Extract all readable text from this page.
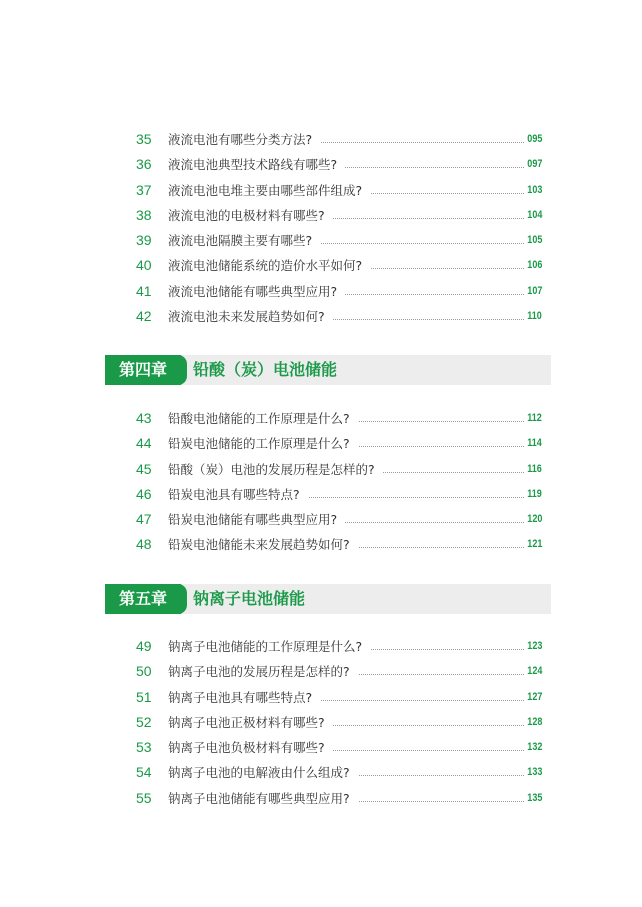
35 液流电池有哪些分类方法?	095
36 液流电池典型技术路线有哪些?	097
37 液流电池电堆主要由哪些部件组成?	103
38 液流电池的电极材料有哪些?	104
39 液流电池隔膜主要有哪些?	105
40 液流电池储能系统的造价水平如何?	106
41 液流电池储能有哪些典型应用?	107
42 液流电池未来发展趋势如何?	110
第四章	铅酸（炭）电池储能
43 铅酸电池储能的工作原理是什么?	112
44 铅炭电池储能的工作原理是什么?	114
45 铅酸（炭）电池的发展历程是怎样的?	116
46 铅炭电池具有哪些特点?	119
47 铅炭电池储能有哪些典型应用?	120
48 铅炭电池储能未来发展趋势如何?	121
第五章	钠离子电池储能
49 钠离子电池储能的工作原理是什么?	123
50 钠离子电池的发展历程是怎样的?	124
51 钠离子电池具有哪些特点?	127
52 钠离子电池正极材料有哪些?	128
53 钠离子电池负极材料有哪些?	132
54 钠离子电池的电解液由什么组成?	133
55 钠离子电池储能有哪些典型应用?	135
